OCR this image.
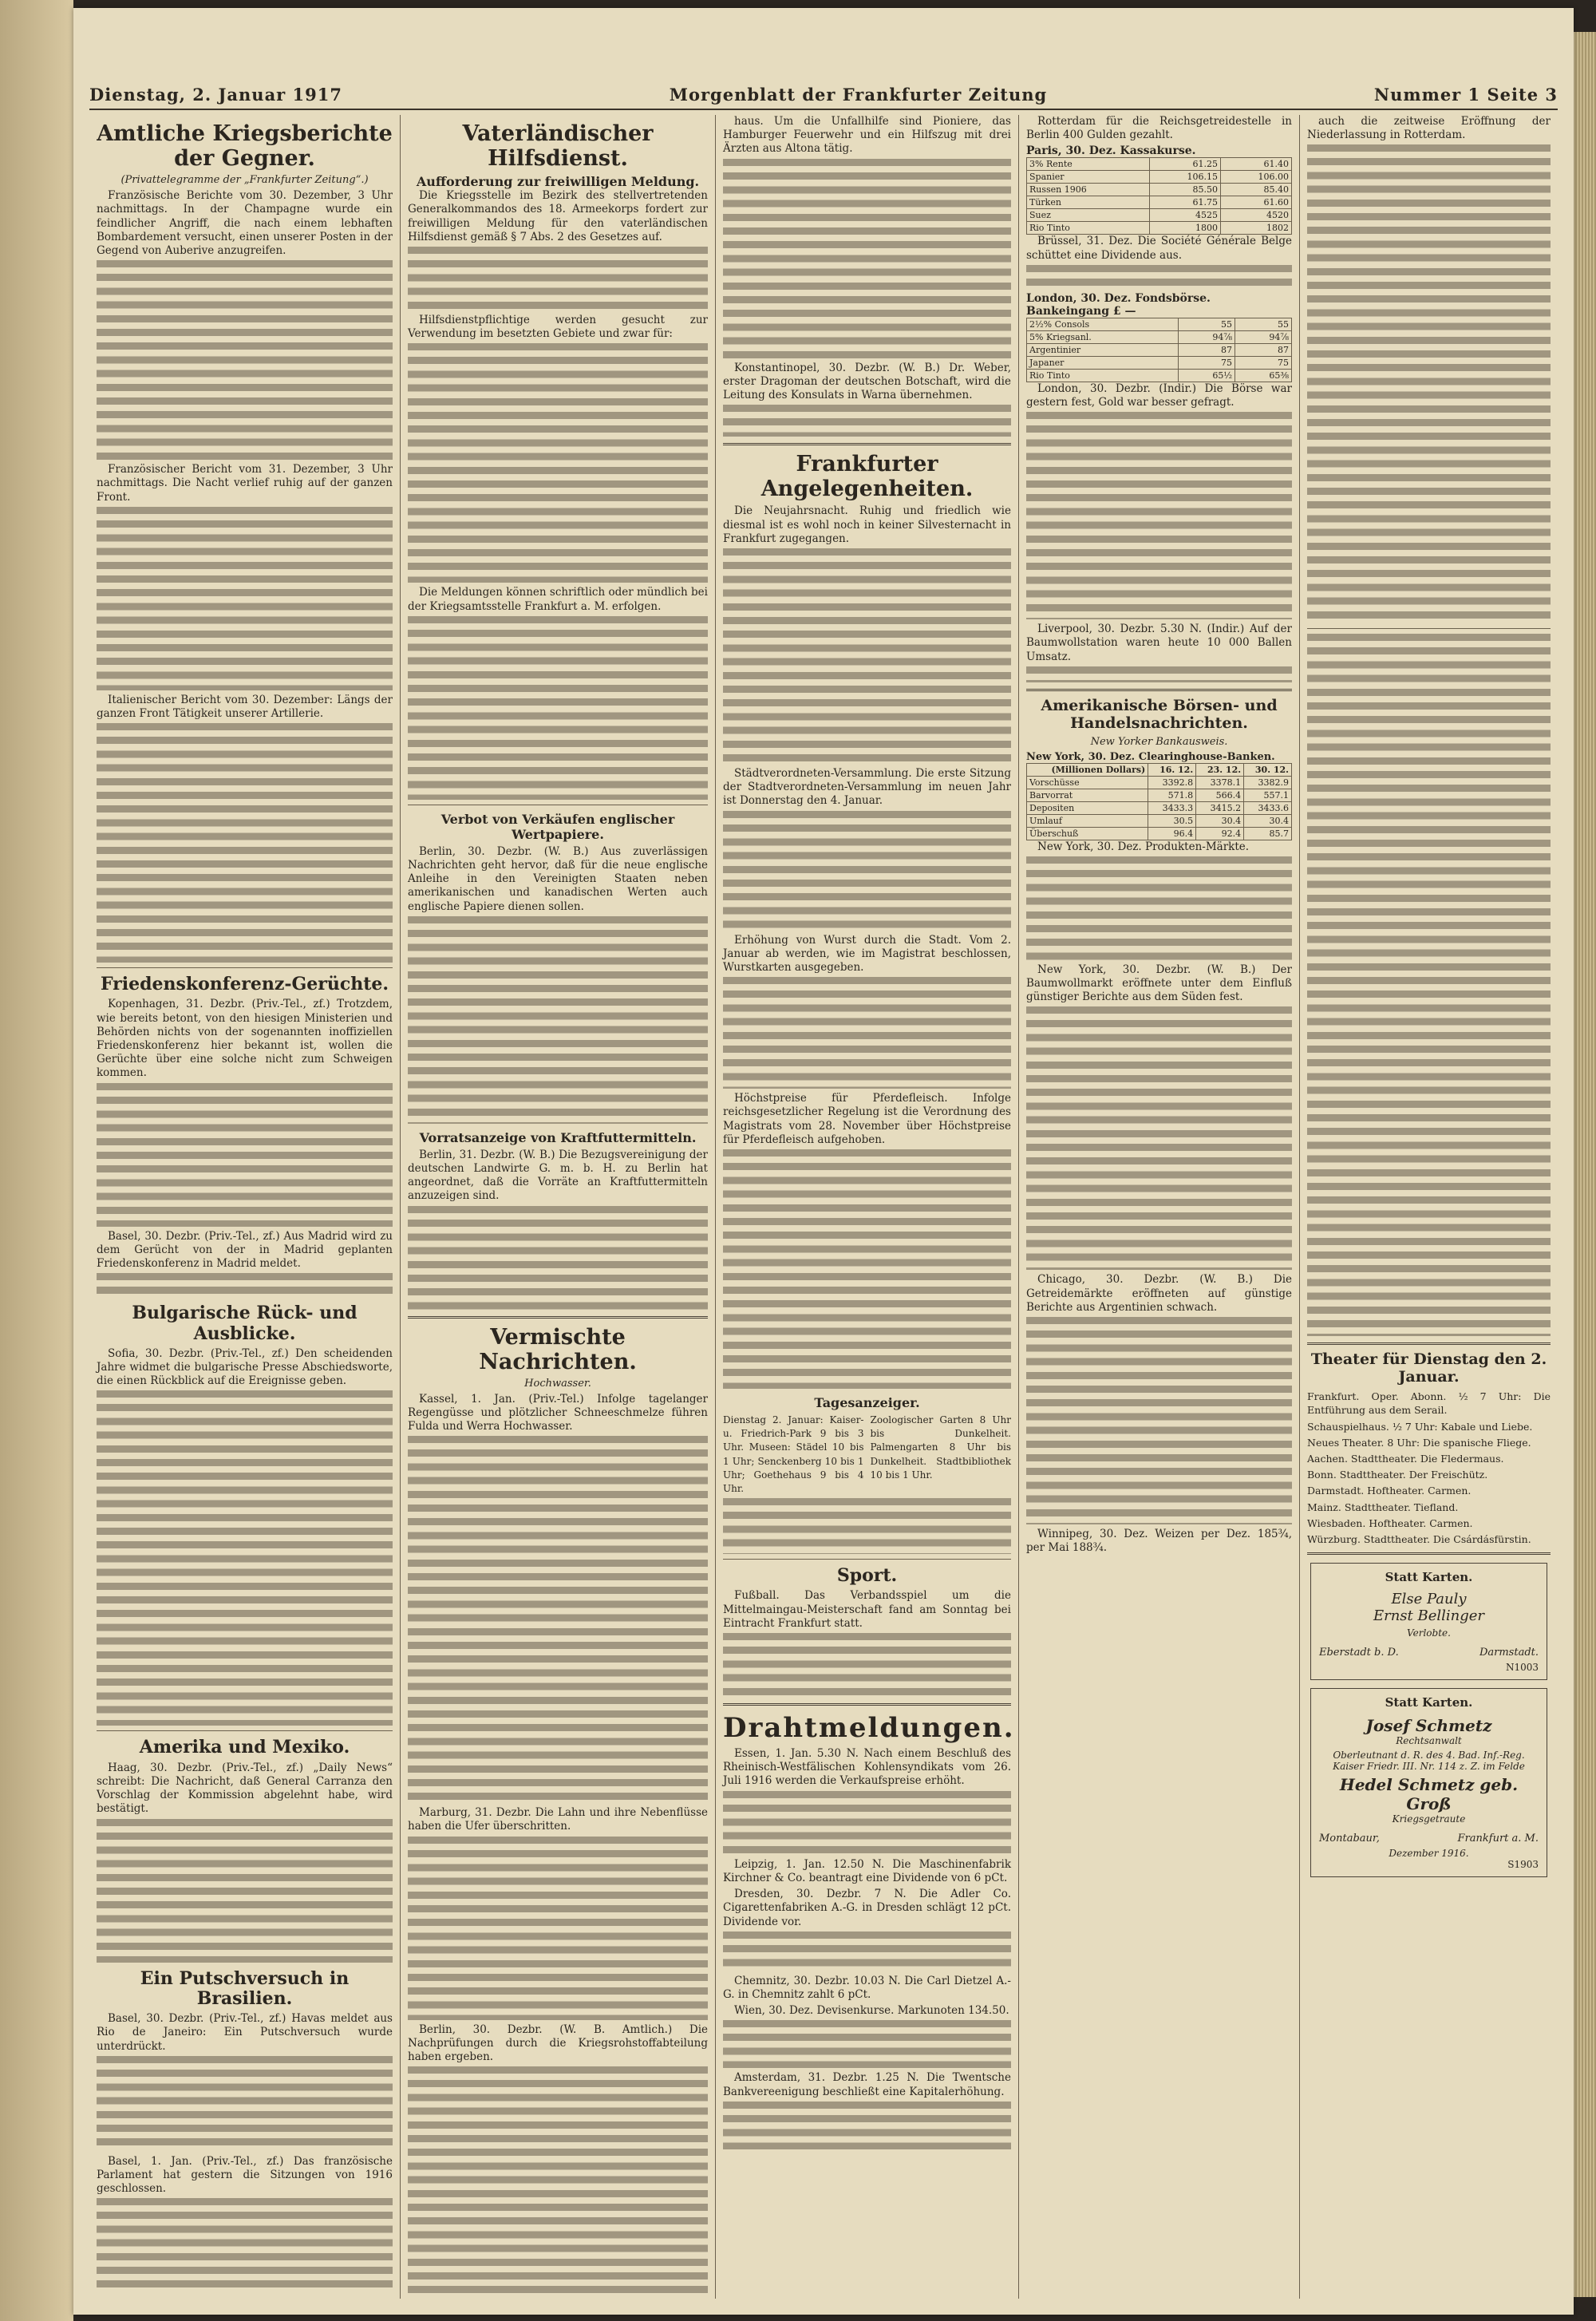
Dienstag, 2. Januar 1917	Morgenblatt der Frankfurter Zeitung	Nummer 1 Seite 3
Amtliche Kriegsberichte der Gegner.
(Privattelegramme der „Frankfurter Zeitung“.)

Französische Berichte vom 30. Dezember, 3 Uhr nachmittags. In der Champagne wurde ein feindlicher Angriff, die nach einem lebhaften Bombardement versucht, einen unserer Posten in der Gegend von Auberive anzugreifen.

Französischer Bericht vom 31. Dezember, 3 Uhr nachmittags. Die Nacht verlief ruhig auf der ganzen Front.

Italienischer Bericht vom 30. Dezember: Längs der ganzen Front Tätigkeit unserer Artillerie.

Friedenskonferenz-Gerüchte.

Kopenhagen, 31. Dezbr. (Priv.-Tel., zf.) Trotzdem, wie bereits betont, von den hiesigen Ministerien und Behörden nichts von der sogenannten inoffiziellen Friedenskonferenz hier bekannt ist, wollen die Gerüchte über eine solche nicht zum Schweigen kommen.

Basel, 30. Dezbr. (Priv.-Tel., zf.) Aus Madrid wird zu dem Gerücht von der in Madrid geplanten Friedenskonferenz in Madrid meldet.

Bulgarische Rück- und Ausblicke.

Sofia, 30. Dezbr. (Priv.-Tel., zf.) Den scheidenden Jahre widmet die bulgarische Presse Abschiedsworte, die einen Rückblick auf die Ereignisse geben.

Amerika und Mexiko.

Haag, 30. Dezbr. (Priv.-Tel., zf.) „Daily News“ schreibt: Die Nachricht, daß General Carranza den Vorschlag der Kommission abgelehnt habe, wird bestätigt.

Ein Putschversuch in Brasilien.

Basel, 30. Dezbr. (Priv.-Tel., zf.) Havas meldet aus Rio de Janeiro: Ein Putschversuch wurde unterdrückt.

Basel, 1. Jan. (Priv.-Tel., zf.) Das französische Parlament hat gestern die Sitzungen von 1916 geschlossen.

Vaterländischer Hilfsdienst.
Aufforderung zur freiwilligen Meldung.

Die Kriegsstelle im Bezirk des stellvertretenden Generalkommandos des 18. Armeekorps fordert zur freiwilligen Meldung für den vaterländischen Hilfsdienst gemäß § 7 Abs. 2 des Gesetzes auf.

Hilfsdienstpflichtige werden gesucht zur Verwendung im besetzten Gebiete und zwar für:

Die Meldungen können schriftlich oder mündlich bei der Kriegsamtsstelle Frankfurt a. M. erfolgen.

Verbot von Verkäufen englischer Wertpapiere.

Berlin, 30. Dezbr. (W. B.) Aus zuverlässigen Nachrichten geht hervor, daß für die neue englische Anleihe in den Vereinigten Staaten neben amerikanischen und kanadischen Werten auch englische Papiere dienen sollen.

Vorratsanzeige von Kraftfuttermitteln.

Berlin, 31. Dezbr. (W. B.) Die Bezugsvereinigung der deutschen Landwirte G. m. b. H. zu Berlin hat angeordnet, daß die Vorräte an Kraftfuttermitteln anzuzeigen sind.

Vermischte Nachrichten.
Hochwasser.

Kassel, 1. Jan. (Priv.-Tel.) Infolge tagelanger Regengüsse und plötzlicher Schneeschmelze führen Fulda und Werra Hochwasser.

Marburg, 31. Dezbr. Die Lahn und ihre Nebenflüsse haben die Ufer überschritten.

Berlin, 30. Dezbr. (W. B. Amtlich.) Die Nachprüfungen durch die Kriegsrohstoffabteilung haben ergeben.

haus. Um die Unfallhilfe sind Pioniere, das Hamburger Feuerwehr und ein Hilfszug mit drei Ärzten aus Altona tätig.

Konstantinopel, 30. Dezbr. (W. B.) Dr. Weber, erster Dragoman der deutschen Botschaft, wird die Leitung des Konsulats in Warna übernehmen.

Frankfurter Angelegenheiten.

Die Neujahrsnacht. Ruhig und friedlich wie diesmal ist es wohl noch in keiner Silvesternacht in Frankfurt zugegangen.

Städtverordneten-Versammlung. Die erste Sitzung der Stadtverordneten-Versammlung im neuen Jahr ist Donnerstag den 4. Januar.

Erhöhung von Wurst durch die Stadt. Vom 2. Januar ab werden, wie im Magistrat beschlossen, Wurstkarten ausgegeben.

Höchstpreise für Pferdefleisch. Infolge reichsgesetzlicher Regelung ist die Verordnung des Magistrats vom 28. November über Höchstpreise für Pferdefleisch aufgehoben.

Tagesanzeiger.

Dienstag 2. Januar: Kaiser- u. Friedrich-Park 9 bis 3 Uhr. Museen: Städel 10 bis 1 Uhr; Senckenberg 10 bis 1 Uhr; Goethehaus 9 bis 4 Uhr.

Zoologischer Garten 8 Uhr bis Dunkelheit. Palmengarten 8 Uhr bis Dunkelheit. Stadtbibliothek 10 bis 1 Uhr.

Sport.

Fußball. Das Verbandsspiel um die Mittelmaingau-Meisterschaft fand am Sonntag bei Eintracht Frankfurt statt.

Drahtmeldungen.

Essen, 1. Jan. 5.30 N. Nach einem Beschluß des Rheinisch-Westfälischen Kohlensyndikats vom 26. Juli 1916 werden die Verkaufspreise erhöht.

Leipzig, 1. Jan. 12.50 N. Die Maschinenfabrik Kirchner & Co. beantragt eine Dividende von 6 pCt.

Dresden, 30. Dezbr. 7 N. Die Adler Co. Cigarettenfabriken A.-G. in Dresden schlägt 12 pCt. Dividende vor.

Chemnitz, 30. Dezbr. 10.03 N. Die Carl Dietzel A.-G. in Chemnitz zahlt 6 pCt.

Wien, 30. Dez. Devisenkurse. Markunoten 134.50.

Amsterdam, 31. Dezbr. 1.25 N. Die Twentsche Bankvereenigung beschließt eine Kapitalerhöhung.

Rotterdam für die Reichsgetreidestelle in Berlin 400 Gulden gezahlt.

Paris, 30. Dez. Kassakurse.
3% Rente	61.25	61.40
Spanier	106.15	106.00
Russen 1906	85.50	85.40
Türken	61.75	61.60
Suez	4525	4520
Rio Tinto	1800	1802

Brüssel, 31. Dez. Die Société Générale Belge schüttet eine Dividende aus.

London, 30. Dez. Fondsbörse. Bankeingang £ —
2½% Consols	55	55
5% Kriegsanl.	94⅞	94⅞
Argentinier	87	87
Japaner	75	75
Rio Tinto	65½	65⅜

London, 30. Dezbr. (Indir.) Die Börse war gestern fest, Gold war besser gefragt.

Liverpool, 30. Dezbr. 5.30 N. (Indir.) Auf der Baumwollstation waren heute 10 000 Ballen Umsatz.

Amerikanische Börsen- und Handelsnachrichten.
New Yorker Bankausweis.
New York, 30. Dez. Clearinghouse-Banken.
(Millionen Dollars)	16. 12.	23. 12.	30. 12.
Vorschüsse	3392.8	3378.1	3382.9
Barvorrat	571.8	566.4	557.1
Depositen	3433.3	3415.2	3433.6
Umlauf	30.5	30.4	30.4
Überschuß	96.4	92.4	85.7

New York, 30. Dez. Produkten-Märkte.

New York, 30. Dezbr. (W. B.) Der Baumwollmarkt eröffnete unter dem Einfluß günstiger Berichte aus dem Süden fest.

Chicago, 30. Dezbr. (W. B.) Die Getreidemärkte eröffneten auf günstige Berichte aus Argentinien schwach.

Winnipeg, 30. Dez. Weizen per Dez. 185¾, per Mai 188¾.

auch die zeitweise Eröffnung der Niederlassung in Rotterdam.

Theater für Dienstag den 2. Januar.

Frankfurt. Oper. Abonn. ½ 7 Uhr: Die Entführung aus dem Serail.

Schauspielhaus. ½ 7 Uhr: Kabale und Liebe.

Neues Theater. 8 Uhr: Die spanische Fliege.

Aachen. Stadttheater. Die Fledermaus.

Bonn. Stadttheater. Der Freischütz.

Darmstadt. Hoftheater. Carmen.

Mainz. Stadttheater. Tiefland.

Wiesbaden. Hoftheater. Carmen.

Würzburg. Stadttheater. Die Csárdásfürstin.

Statt Karten.
Else Pauly
Ernst Bellinger
Verlobte.
Eberstadt b. D.	Darmstadt.
N1003
Statt Karten.
Josef Schmetz
Rechtsanwalt
Oberleutnant d. R. des 4. Bad. Inf.-Reg. Kaiser Friedr. III. Nr. 114 z. Z. im Felde
Hedel Schmetz geb. Groß
Kriegsgetraute
Montabaur,	Frankfurt a. M.
Dezember 1916.
S1903
